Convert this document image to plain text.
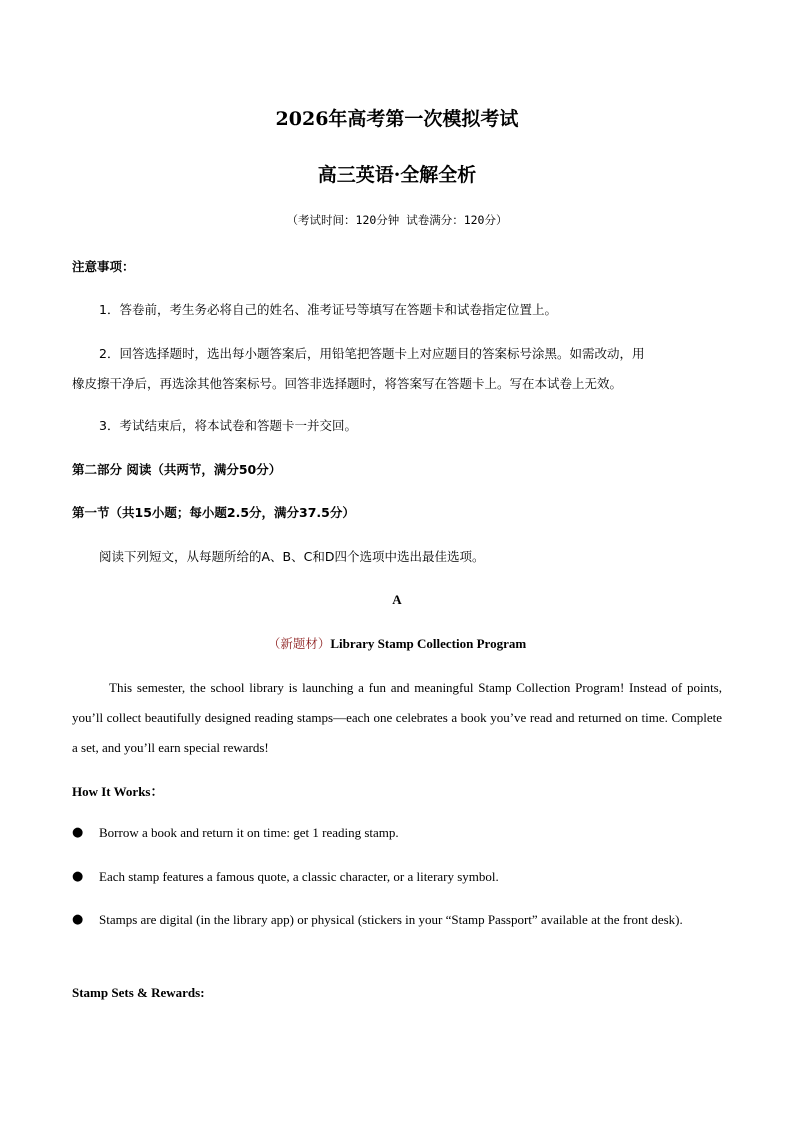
2026年高考第一次模拟考试
高三英语·全解全析
（考试时间：120分钟 试卷满分：120分）
注意事项：
1．答卷前，考生务必将自己的姓名、准考证号等填写在答题卡和试卷指定位置上。
2．回答选择题时，选出每小题答案后，用铅笔把答题卡上对应题目的答案标号涂黑。如需改动，用
橡皮擦干净后，再选涂其他答案标号。回答非选择题时，将答案写在答题卡上。写在本试卷上无效。
3．考试结束后，将本试卷和答题卡一并交回。
第二部分 阅读（共两节，满分50分）
第一节（共15小题；每小题2.5分，满分37.5分）
阅读下列短文，从每题所给的A、B、C和D四个选项中选出最佳选项。
A
（新题材）Library Stamp Collection Program
This semester, the school library is launching a fun and meaningful Stamp Collection Program! Instead of points, you’ll collect beautifully designed reading stamps—each one celebrates a book you’ve read and returned on time. Complete a set, and you’ll earn special rewards!
How It Works：
● Borrow a book and return it on time: get 1 reading stamp.
● Each stamp features a famous quote, a classic character, or a literary symbol.
● Stamps are digital (in the library app) or physical (stickers in your “Stamp Passport” available at the front desk).
Stamp Sets & Rewards:
